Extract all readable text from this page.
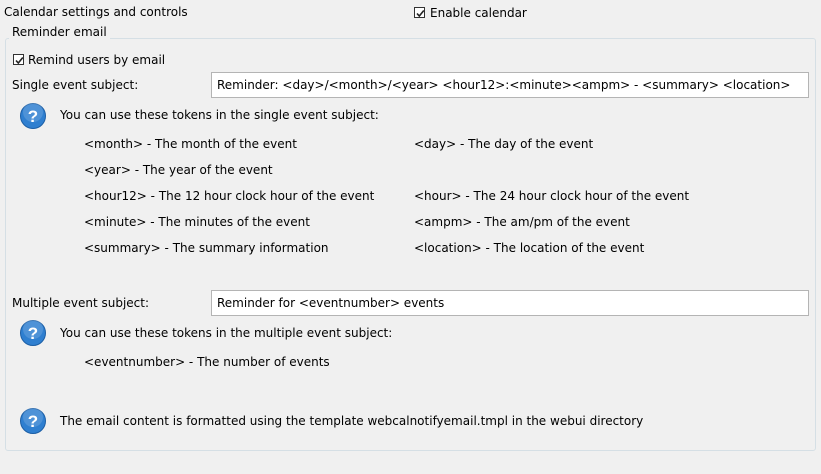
Calendar settings and controls	Enable calendar
Reminder email
Remind users by email
Single event subject:
Reminder: <day>/<month>/<year> <hour12>:<minute><ampm> - <summary> <location>
? You can use these tokens in the single event subject:
<month> - The month of the event	<day> - The day of the event
<year> - The year of the event
<hour12> - The 12 hour clock hour of the event	<hour> - The 24 hour clock hour of the event
<minute> - The minutes of the event	<ampm> - The am/pm of the event
<summary> - The summary information	<location> - The location of the event
Multiple event subject:
Reminder for <eventnumber> events
? You can use these tokens in the multiple event subject:
<eventnumber> - The number of events
? The email content is formatted using the template webcalnotifyemail.tmpl in the webui directory
